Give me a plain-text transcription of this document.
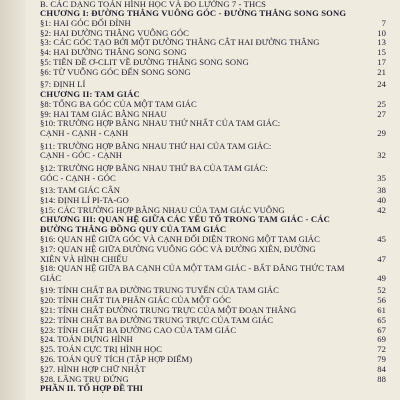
B. CÁC DẠNG TOÁN HÌNH HỌC VÀ ĐO LƯỜNG 7 - THCS
CHƯƠNG I: ĐƯỜNG THẲNG VUÔNG GÓC - ĐƯỜNG THẲNG SONG SONG
§1: HAI GÓC ĐỐI ĐỈNH	7
§2: HAI ĐƯỜNG THẲNG VUÔNG GÓC	10
§3: CÁC GÓC TẠO BỞI MỘT ĐƯỜNG THẲNG CẮT HAI ĐƯỜNG THẲNG	13
§4: HAI ĐƯỜNG THẲNG SONG SONG	15
§5: TIÊN ĐỀ Ơ-CLIT VỀ ĐƯỜNG THẲNG SONG SONG	17
§6: TỪ VUÔNG GÓC ĐẾN SONG SONG	21
§7: ĐỊNH LÍ	24
CHƯƠNG II: TAM GIÁC
§8: TỔNG BA GÓC CỦA MỘT TAM GIÁC	25
§9: HAI TAM GIÁC BẰNG NHAU	27
§10: TRƯỜNG HỢP BẰNG NHAU THỨ NHẤT CỦA TAM GIÁC:
CẠNH - CẠNH - CẠNH	29
§11: TRƯỜNG HỢP BẰNG NHAU THỨ HAI CỦA TAM GIÁC:
CẠNH - GÓC - CẠNH	32
§12: TRƯỜNG HỢP BẰNG NHAU THỨ BA CỦA TAM GIÁC:
GÓC - CẠNH - GÓC	35
§13: TAM GIÁC CÂN	38
§14: ĐỊNH LÍ PI-TA-GO	40
§15: CÁC TRƯỜNG HỢP BẰNG NHAU CỦA TAM GIÁC VUÔNG	42
CHƯƠNG III: QUAN HỆ GIỮA CÁC YẾU TỐ TRONG TAM GIÁC - CÁC
ĐƯỜNG THẲNG ĐỒNG QUY CỦA TAM GIÁC
§16: QUAN HỆ GIỮA GÓC VÀ CẠNH ĐỐI DIỆN TRONG MỘT TAM GIÁC	45
§17: QUAN HỆ GIỮA ĐƯỜNG VUÔNG GÓC VÀ ĐƯỜNG XIÊN, ĐƯỜNG
XIÊN VÀ HÌNH CHIẾU	47
§18: QUAN HỆ GIỮA BA CẠNH CỦA MỘT TAM GIÁC - BẤT ĐẲNG THỨC TAM
GIÁC	49
§19: TÍNH CHẤT BA ĐƯỜNG TRUNG TUYẾN CỦA TAM GIÁC	52
§20: TÍNH CHẤT TIA PHÂN GIÁC CỦA MỘT GÓC	56
§21: TÍNH CHẤT ĐƯỜNG TRUNG TRỰC CỦA MỘT ĐOẠN THẲNG	61
§22: TÍNH CHẤT BA ĐƯỜNG TRUNG TRỰC CỦA TAM GIÁC	65
§23: TÍNH CHẤT BA ĐƯỜNG CAO CỦA TAM GIÁC	67
§24. TOÁN DỰNG HÌNH	69
§25. TOÁN CỰC TRỊ HÌNH HỌC	72
§26. TOÁN QUỸ TÍCH (TẬP HỢP ĐIỂM)	79
§27. HÌNH HỢP CHỮ NHẬT	84
§28. LĂNG TRỤ ĐỨNG	88
PHẦN II. TỔ HỢP ĐỀ THI
